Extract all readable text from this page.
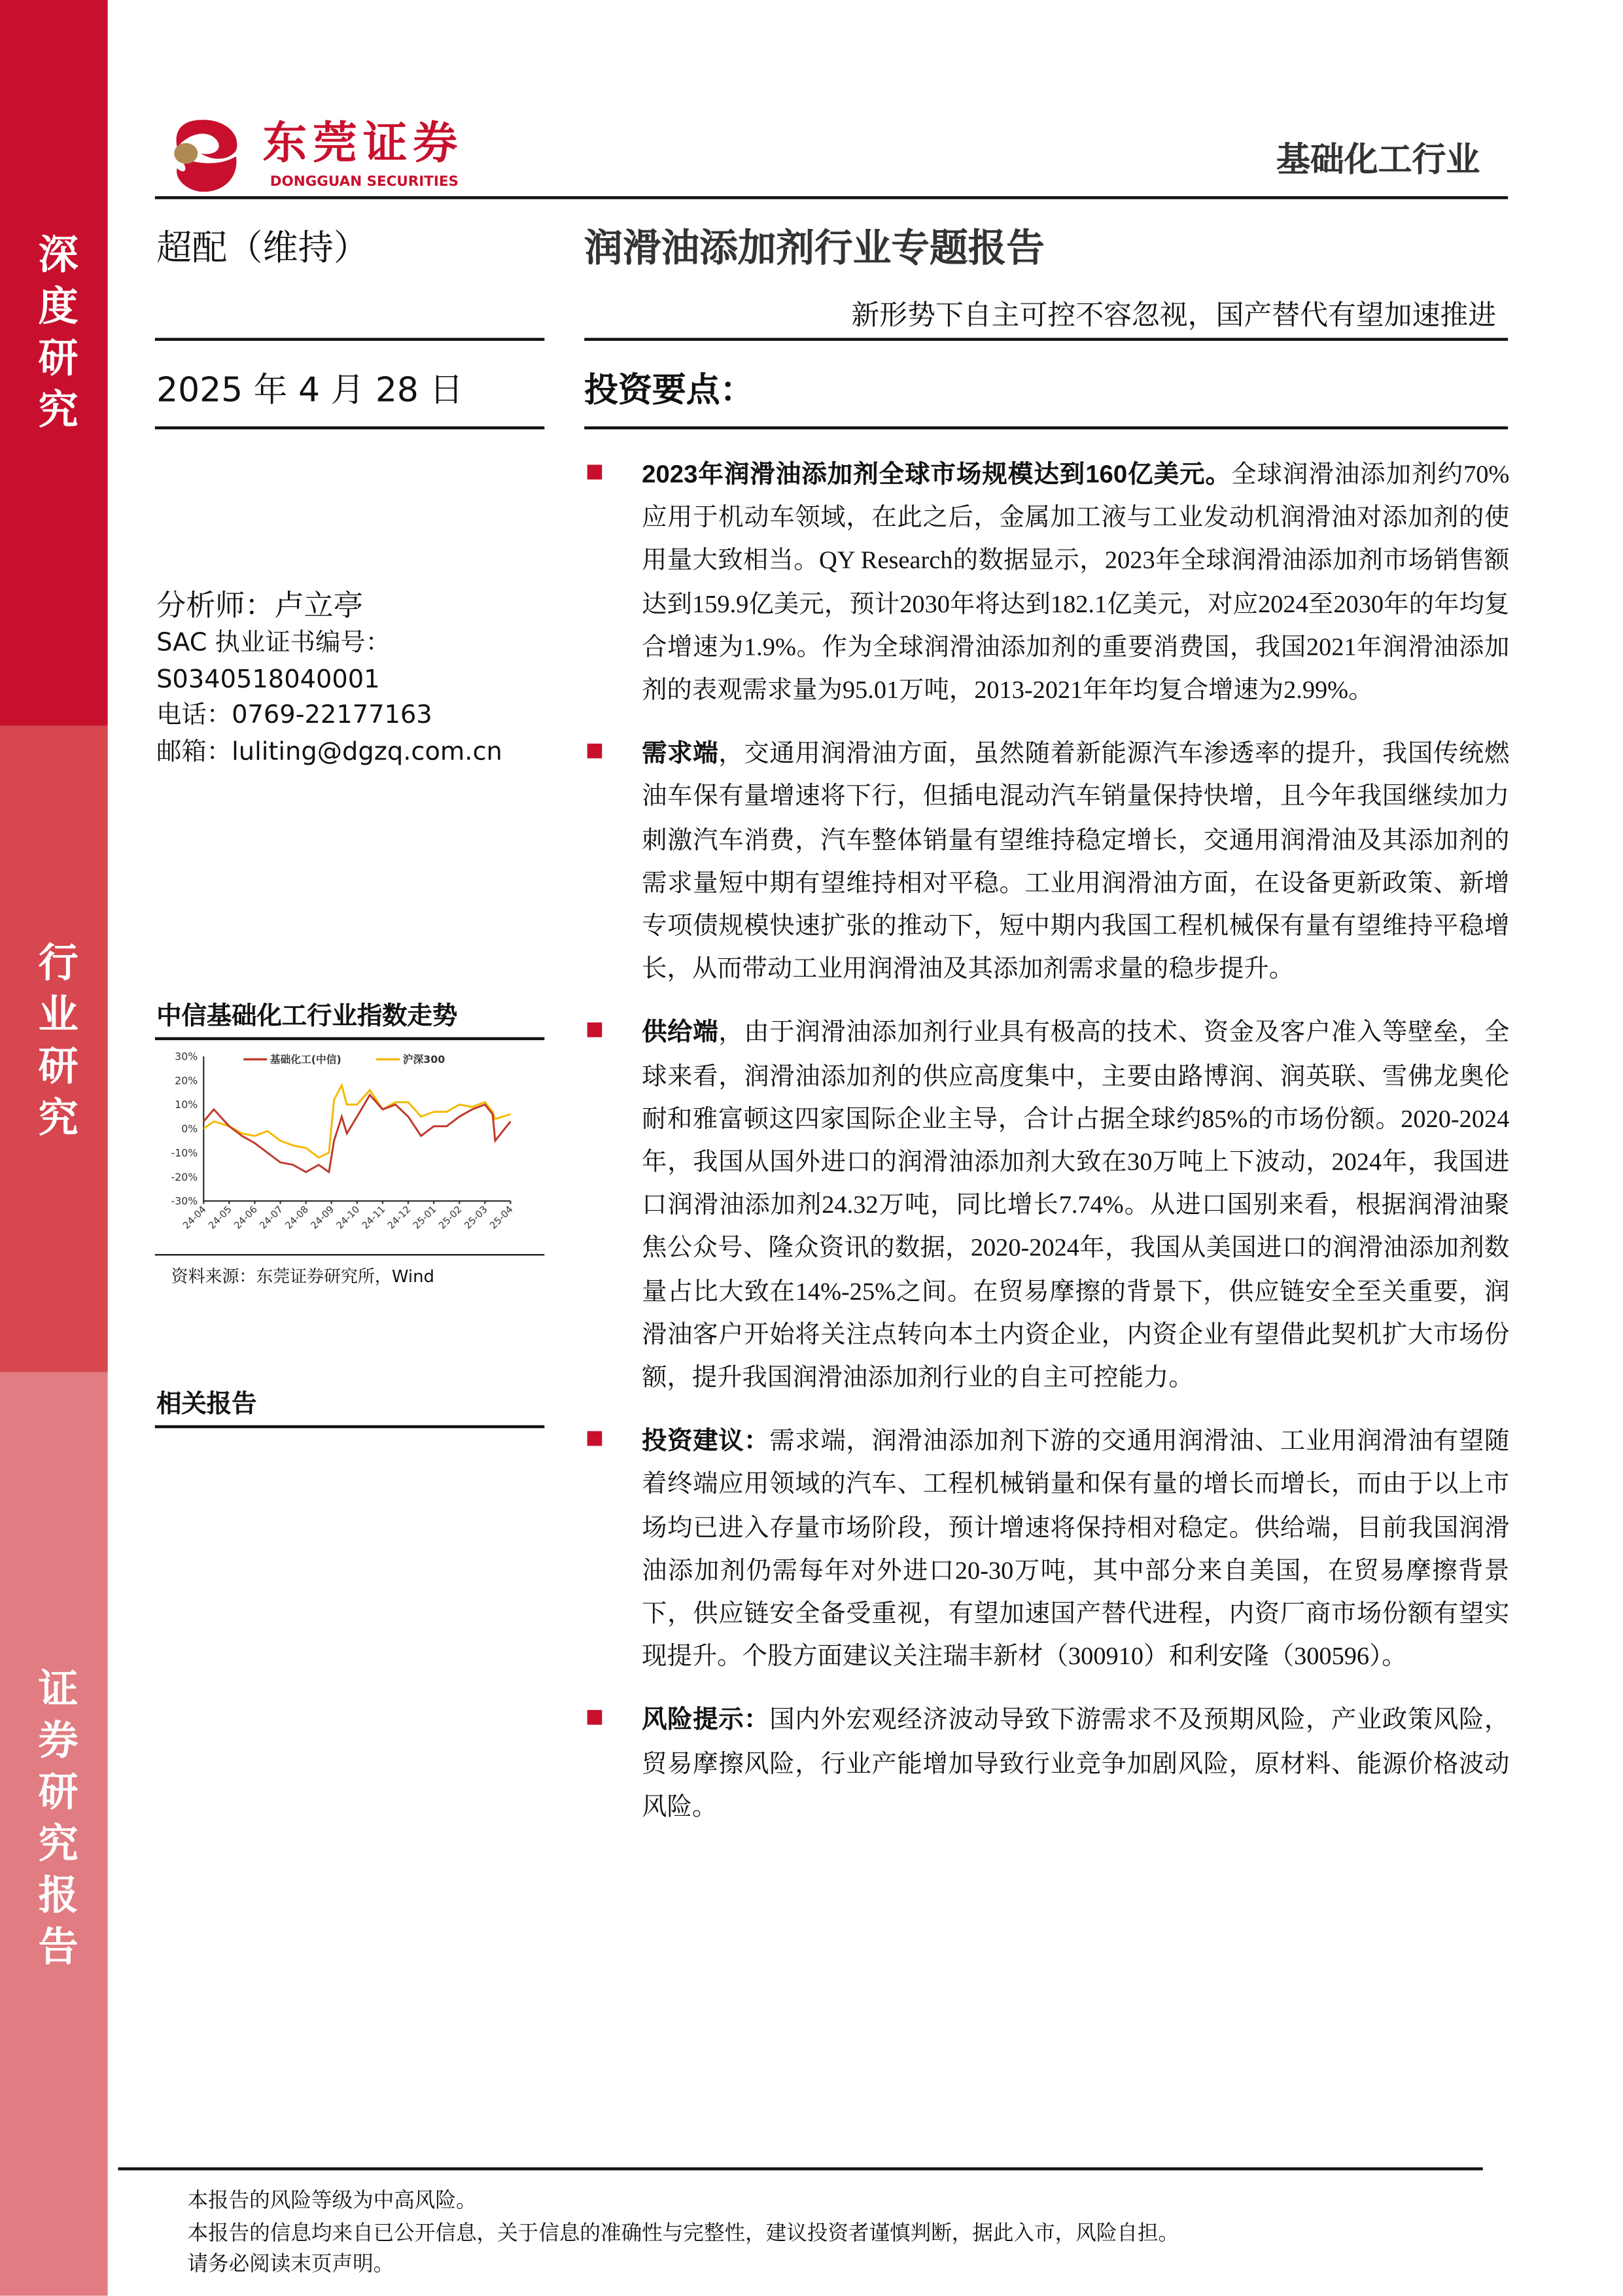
深度研究
行业研究
证券研究报告
东莞证券
DONGGUAN SECURITIES
基础化工行业
超配（维持）	润滑油添加剂行业专题报告
新形势下自主可控不容忽视，国产替代有望加速推进
2025 年 4 月 28 日	投资要点：
分析师：卢立亭
SAC 执业证书编号：
S0340518040001
电话：0769-22177163
邮箱：luliting@dgzq.com.cn
中信基础化工行业指数走势
30%
20%
10%
0%
-10%
-20%
-30%
24-04
24-05
24-06
24-07
24-08
24-09
24-10
24-11
24-12
25-01
25-02
25-03
25-04
基础化工(中信)	沪深300
资料来源：东莞证券研究所，Wind
相关报告

2023年润滑油添加剂全球市场规模达到160亿美元。全球润滑油添加剂约70%应用于机动车领域，在此之后，金属加工液与工业发动机润滑油对添加剂的使用量大致相当。QY Research的数据显示，2023年全球润滑油添加剂市场销售额达到159.9亿美元，预计2030年将达到182.1亿美元，对应2024至2030年的年均复合增速为1.9%。作为全球润滑油添加剂的重要消费国，我国2021年润滑油添加剂的表观需求量为95.01万吨，2013-2021年年均复合增速为2.99%。

需求端，交通用润滑油方面，虽然随着新能源汽车渗透率的提升，我国传统燃油车保有量增速将下行，但插电混动汽车销量保持快增，且今年我国继续加力刺激汽车消费，汽车整体销量有望维持稳定增长，交通用润滑油及其添加剂的需求量短中期有望维持相对平稳。工业用润滑油方面，在设备更新政策、新增专项债规模快速扩张的推动下，短中期内我国工程机械保有量有望维持平稳增长，从而带动工业用润滑油及其添加剂需求量的稳步提升。

供给端，由于润滑油添加剂行业具有极高的技术、资金及客户准入等壁垒，全球来看，润滑油添加剂的供应高度集中，主要由路博润、润英联、雪佛龙奥伦耐和雅富顿这四家国际企业主导，合计占据全球约85%的市场份额。2020-2024年，我国从国外进口的润滑油添加剂大致在30万吨上下波动，2024年，我国进口润滑油添加剂24.32万吨，同比增长7.74%。从进口国别来看，根据润滑油聚焦公众号、隆众资讯的数据，2020-2024年，我国从美国进口的润滑油添加剂数量占比大致在14%-25%之间。在贸易摩擦的背景下，供应链安全至关重要，润滑油客户开始将关注点转向本土内资企业，内资企业有望借此契机扩大市场份额，提升我国润滑油添加剂行业的自主可控能力。

投资建议：需求端，润滑油添加剂下游的交通用润滑油、工业用润滑油有望随着终端应用领域的汽车、工程机械销量和保有量的增长而增长，而由于以上市场均已进入存量市场阶段，预计增速将保持相对稳定。供给端，目前我国润滑油添加剂仍需每年对外进口20-30万吨，其中部分来自美国，在贸易摩擦背景下，供应链安全备受重视，有望加速国产替代进程，内资厂商市场份额有望实现提升。个股方面建议关注瑞丰新材（300910）和利安隆（300596）。

风险提示：国内外宏观经济波动导致下游需求不及预期风险，产业政策风险，贸易摩擦风险，行业产能增加导致行业竞争加剧风险，原材料、能源价格波动风险。

本报告的风险等级为中高风险。
本报告的信息均来自已公开信息，关于信息的准确性与完整性，建议投资者谨慎判断，据此入市，风险自担。
请务必阅读末页声明。
